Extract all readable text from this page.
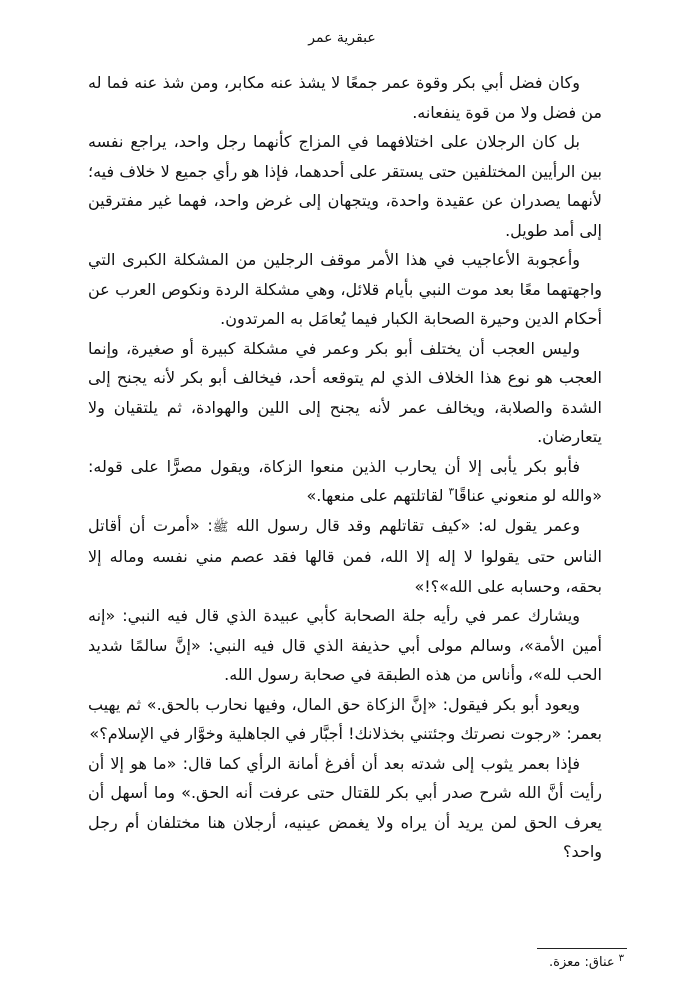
عبقرية عمر

وكان فضل أبي بكر وقوة عمر جمعًا لا يشذ عنه مكابر، ومن شذ عنه فما له من فضل ولا من قوة ينفعانه.

بل كان الرجلان على اختلافهما في المزاج كأنهما رجل واحد، يراجع نفسه بين الرأيين المختلفين حتى يستقر على أحدهما، فإذا هو رأي جميع لا خلاف فيه؛ لأنهما يصدران عن عقيدة واحدة، ويتجهان إلى غرض واحد، فهما غير مفترقين إلى أمد طويل.

وأعجوبة الأعاجيب في هذا الأمر موقف الرجلين من المشكلة الكبرى التي واجهتهما معًا بعد موت النبي بأيام قلائل، وهي مشكلة الردة ونكوص العرب عن أحكام الدين وحيرة الصحابة الكبار فيما يُعامَل به المرتدون.

وليس العجب أن يختلف أبو بكر وعمر في مشكلة كبيرة أو صغيرة، وإنما العجب هو نوع هذا الخلاف الذي لم يتوقعه أحد، فيخالف أبو بكر لأنه يجنح إلى الشدة والصلابة، ويخالف عمر لأنه يجنح إلى اللين والهوادة، ثم يلتقيان ولا يتعارضان.

فأبو بكر يأبى إلا أن يحارب الذين منعوا الزكاة، ويقول مصرًّا على قوله: «والله لو منعوني عناقًا$^٣$ لقاتلتهم على منعها.»

وعمر يقول له: «كيف تقاتلهم وقد قال رسول الله ﷺ: «أمرت أن أقاتل الناس حتى يقولوا لا إله إلا الله، فمن قالها فقد عصم مني نفسه وماله إلا بحقه، وحسابه على الله»؟!»

ويشارك عمر في رأيه جلة الصحابة كأبي عبيدة الذي قال فيه النبي: «إنه أمين الأمة»، وسالم مولى أبي حذيفة الذي قال فيه النبي: «إنَّ سالمًا شديد الحب لله»، وأناس من هذه الطبقة في صحابة رسول الله.

ويعود أبو بكر فيقول: «إنَّ الزكاة حق المال، وفيها نحارب بالحق.» ثم يهيب بعمر: «رجوت نصرتك وجئتني بخذلانك! أجبَّار في الجاهلية وخوَّار في الإسلام؟»

فإذا بعمر يثوب إلى شدته بعد أن أفرغ أمانة الرأي كما قال: «ما هو إلا أن رأيت أنَّ الله شرح صدر أبي بكر للقتال حتى عرفت أنه الحق.» وما أسهل أن يعرف الحق لمن يريد أن يراه ولا يغمض عينيه، أرجلان هنا مختلفان أم رجل واحد؟

$^٣$عناق: معزة.
